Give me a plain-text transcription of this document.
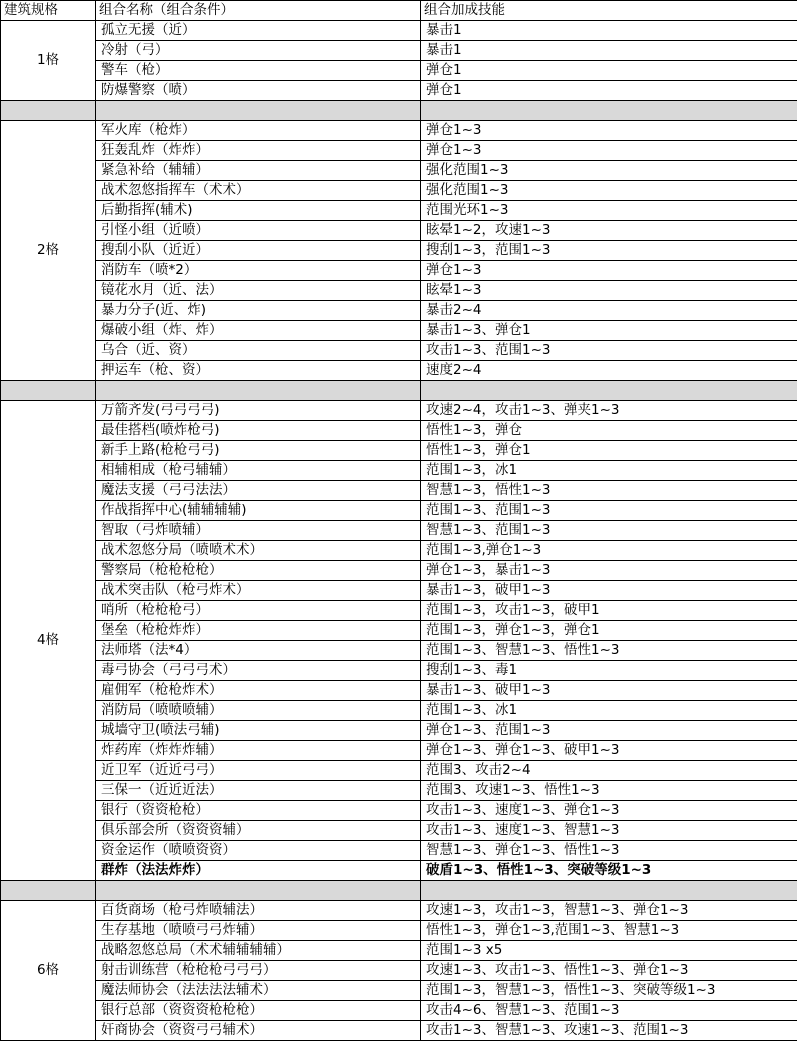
建筑规格	组合名称（组合条件）	组合加成技能
1格	孤立无援（近）	暴击1
	冷射（弓）	暴击1
	警车（枪）	弹仓1
	防爆警察（喷）	弹仓1

2格	军火库（枪炸）	弹仓1~3
	狂轰乱炸（炸炸）	弹仓1~3
	紧急补给（辅辅）	强化范围1~3
	战术忽悠指挥车（术术）	强化范围1~3
	后勤指挥(辅术)	范围光环1~3
	引怪小组（近喷）	眩晕1~2，攻速1~3
	搜刮小队（近近）	搜刮1~3，范围1~3
	消防车（喷*2）	弹仓1~3
	镜花水月（近、法）	眩晕1~3
	暴力分子(近、炸)	暴击2~4
	爆破小组（炸、炸）	暴击1~3、弹仓1
	乌合（近、资）	攻击1~3、范围1~3
	押运车（枪、资）	速度2~4

4格	万箭齐发(弓弓弓弓)	攻速2~4，攻击1~3、弹夹1~3
	最佳搭档(喷炸枪弓)	悟性1~3，弹仓
	新手上路(枪枪弓弓)	悟性1~3，弹仓1
	相辅相成（枪弓辅辅）	范围1~3，冰1
	魔法支援（弓弓法法）	智慧1~3，悟性1~3
	作战指挥中心(辅辅辅辅)	范围1~3、范围1~3
	智取（弓炸喷辅）	智慧1~3、范围1~3
	战术忽悠分局（喷喷术术）	范围1~3,弹仓1~3
	警察局（枪枪枪枪）	弹仓1~3，暴击1~3
	战术突击队（枪弓炸术）	暴击1~3，破甲1~3
	哨所（枪枪枪弓）	范围1~3，攻击1~3，破甲1
	堡垒（枪枪炸炸）	范围1~3，弹仓1~3，弹仓1
	法师塔（法*4）	范围1~3、智慧1~3、悟性1~3
	毒弓协会（弓弓弓术）	搜刮1~3、毒1
	雇佣军（枪枪炸术）	暴击1~3、破甲1~3
	消防局（喷喷喷辅）	范围1~3、冰1
	城墙守卫(喷法弓辅)	弹仓1~3、范围1~3
	炸药库（炸炸炸辅）	弹仓1~3、弹仓1~3、破甲1~3
	近卫军（近近弓弓）	范围3、攻击2~4
	三保一（近近近法）	范围3、攻速1~3、悟性1~3
	银行（资资枪枪）	攻击1~3、速度1~3、弹仓1~3
	俱乐部会所（资资资辅）	攻击1~3、速度1~3、智慧1~3
	资金运作（喷喷资资）	智慧1~3、弹仓1~3、悟性1~3
	群炸（法法炸炸）	破盾1~3、悟性1~3、突破等级1~3

6格	百货商场（枪弓炸喷辅法）	攻速1~3，攻击1~3，智慧1~3、弹仓1~3
	生存基地（喷喷弓弓炸辅）	悟性1~3，弹仓1~3,范围1~3、智慧1~3
	战略忽悠总局（术术辅辅辅辅）	范围1~3 x5
	射击训练营（枪枪枪弓弓弓）	攻速1~3、攻击1~3、悟性1~3、弹仓1~3
	魔法师协会（法法法法辅术）	范围1~3，智慧1~3，悟性1~3、突破等级1~3
	银行总部（资资资枪枪枪）	攻击4~6、智慧1~3、范围1~3
	奸商协会（资资弓弓辅术）	攻击1~3、智慧1~3、攻速1~3、范围1~3
